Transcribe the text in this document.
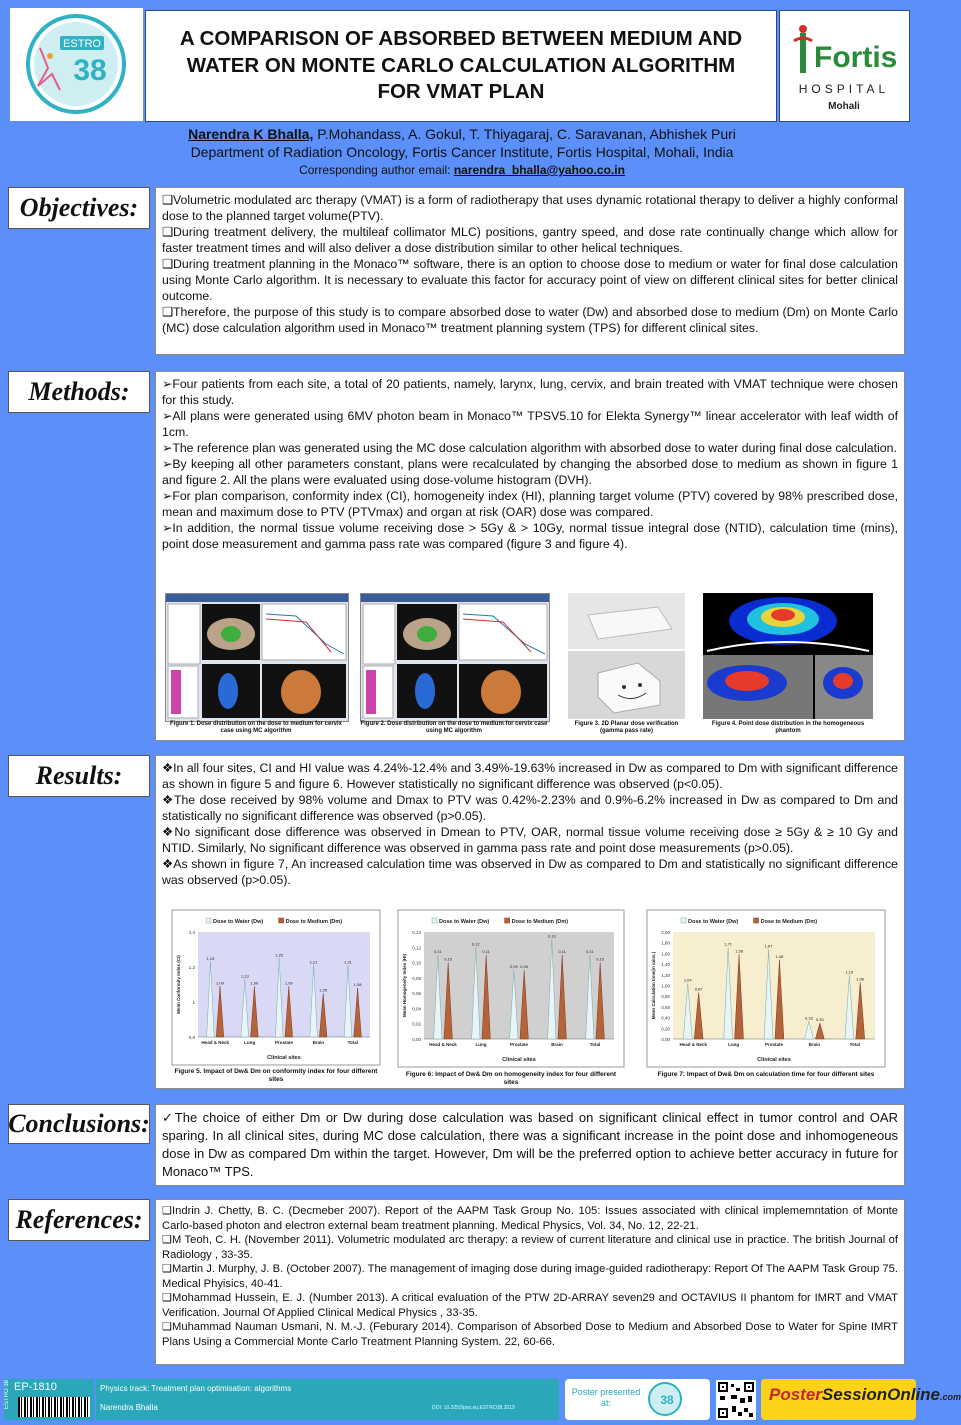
ESTRO
38
A COMPARISON OF ABSORBED BETWEEN MEDIUM AND
WATER ON MONTE CARLO CALCULATION ALGORITHM
FOR VMAT PLAN
Fortis
HOSPITAL
Mohali
Narendra K Bhalla, P.Mohandass, A. Gokul, T. Thiyagaraj, C. Saravanan, Abhishek Puri
Department of Radiation Oncology, Fortis Cancer Institute, Fortis Hospital, Mohali, India
Corresponding author email: narendra_bhalla@yahoo.co.in
Objectives:	❑Volumetric modulated arc therapy (VMAT) is a form of radiotherapy that uses dynamic rotational therapy to deliver a highly conformal dose to the planned target volume(PTV).

❑During treatment delivery, the multileaf collimator MLC) positions, gantry speed, and dose rate continually change which allow for faster treatment times and will also deliver a dose distribution similar to other helical techniques.

❑During treatment planning in the Monaco™ software, there is an option to choose dose to medium or water for final dose calculation using Monte Carlo algorithm. It is necessary to evaluate this factor for accuracy point of view on different clinical sites for better clinical outcome.

❑Therefore, the purpose of this study is to compare absorbed dose to water (Dw) and absorbed dose to medium (Dm) on Monte Carlo (MC) dose calculation algorithm used in Monaco™ treatment planning system (TPS) for different clinical sites.

Methods:	➢Four patients from each site, a total of 20 patients, namely, larynx, lung, cervix, and brain treated with VMAT technique were chosen for this study.

➢All plans were generated using 6MV photon beam in Monaco™ TPSV5.10 for Elekta Synergy™ linear accelerator with leaf width of 1cm.

➢The reference plan was generated using the MC dose calculation algorithm with absorbed dose to water during final dose calculation.

➢By keeping all other parameters constant, plans were recalculated by changing the absorbed dose to medium as shown in figure 1 and figure 2. All the plans were evaluated using dose-volume histogram (DVH).

➢For plan comparison, conformity index (CI), homogeneity index (HI), planning target volume (PTV) covered by 98% prescribed dose, mean and maximum dose to PTV (PTVmax) and organ at risk (OAR) dose was compared.

➢In addition, the normal tissue volume receiving dose > 5Gy & > 10Gy, normal tissue integral dose (NTID), calculation time (mins), point dose measurement and gamma pass rate was compared (figure 3 and figure 4).

Figure 1. Dose distribution on the dose to medium for cervix case using MC algorithm
Figure 2. Dose distribution on the dose to medium for cervix case using MC algorithm
Figure 3. 2D Planar dose verification (gamma pass rate)
Figure 4. Point dose distribution in the homogeneous phantom
Results:	❖In all four sites, CI and HI value was 4.24%-12.4% and 3.49%-19.63% increased in Dw as compared to Dm with significant difference as shown in figure 5 and figure 6. However statistically no significant difference was observed (p<0.05).

❖The dose received by 98% volume and Dmax to PTV was 0.42%-2.23% and 0.9%-6.2% increased in Dw as compared to Dm and statistically no significant difference was observed (p>0.05).

❖No significant dose difference was observed in Dmean to PTV, OAR, normal tissue volume receiving dose ≥ 5Gy & ≥ 10 Gy and NTID. Similarly, No significant difference was observed in gamma pass rate and point dose measurements (p>0.05).

❖As shown in figure 7, An increased calculation time was observed in Dw as compared to Dm and statistically no significant difference was observed (p>0.05).

0,8
1
1,2
1,4
Mean Conformity Index (CI)
Clinical sites
Dose to Water (Dw)	Dose to Medium (Dm)
1,23
1,09
Head & Neck
1,13
1,09
Lung
1,25
1,09
Prostate
1,21
1,05
Brain
1,21
1,08
Total
Figure 5. Impact of Dw& Dm on conformity index for four different sites
0,00
0,02
0,04
0,06
0,08
0,10
0,12
0,14
Mean Homogeneity Index (HI)
Clinical sites
Dose to Water (Dw)	Dose to Medium (Dm)
0,11
0,10
Head & Neck
0,12
0,11
Lung
0,09 0,09
Prostate
0,13
0,11
Brain
0,11
0,10
Total
Figure 6: Impact of Dw& Dm on homogeneity index for four different sites
0,00
0,20
0,40
0,60
0,80
1,00
1,20
1,40
1,60
1,80
2,00
Mean Calculation time(in mins.)
Clinical sites
Dose to Water (Dw)	Dose to Medium (Dm)
1,04
0,87
Head & Neck
1,71
1,58
Lung
1,67
1,48
Prostate
0,33 0,30
Brain
1,19
1,06
Total
Figure 7: Impact of Dw& Dm on calculation time for four different sites
Conclusions: ✓The choice of either Dm or Dw during dose calculation was based on significant clinical effect in tumor control and OAR sparing. In all clinical sites, during MC dose calculation, there was a significant increase in the point dose and inhomogeneous dose in Dw as compared Dm within the target. However, Dm will be the preferred option to achieve better accuracy in future for Monaco™ TPS.

References:	❑Indrin J. Chetty, B. C. (Decmeber 2007). Report of the AAPM Task Group No. 105: Issues associated with clinical implememntation of Monte Carlo-based photon and electron external beam treatment planning. Medical Physics, Vol. 34, No. 12, 22-21.

❑M Teoh, C. H. (November 2011). Volumetric modulated arc therapy: a review of current literature and clinical use in practice. The british Journal of Radiology , 33-35.

❑Martin J. Murphy, J. B. (October 2007). The management of imaging dose during image-guided radiotherapy: Report Of The AAPM Task Group 75. Medical Phyisics, 40-41.

❑Mohammad Hussein, E. J. (Number 2013). A critical evaluation of the PTW 2D-ARRAY seven29 and OCTAVIUS II phantom for IMRT and VMAT Verification. Journal Of Applied Clinical Medical Physics , 33-35.

❑Muhammad Nauman Usmani, N. M.-J. (Feburary 2014). Comparison of Absorbed Dose to Medium and Absorbed Dose to Water for Spine IMRT Plans Using a Commercial Monte Carlo Treatment Planning System. 22, 60-66.

ESTRO 38 EP-1810	Physics track: Treatment plan optimisation: algorithms
Narendra Bhalla	DOI: 10.3252/pso.eu.ESTRO38.2019
Poster presented at:	38	PosterSessionOnline.com
